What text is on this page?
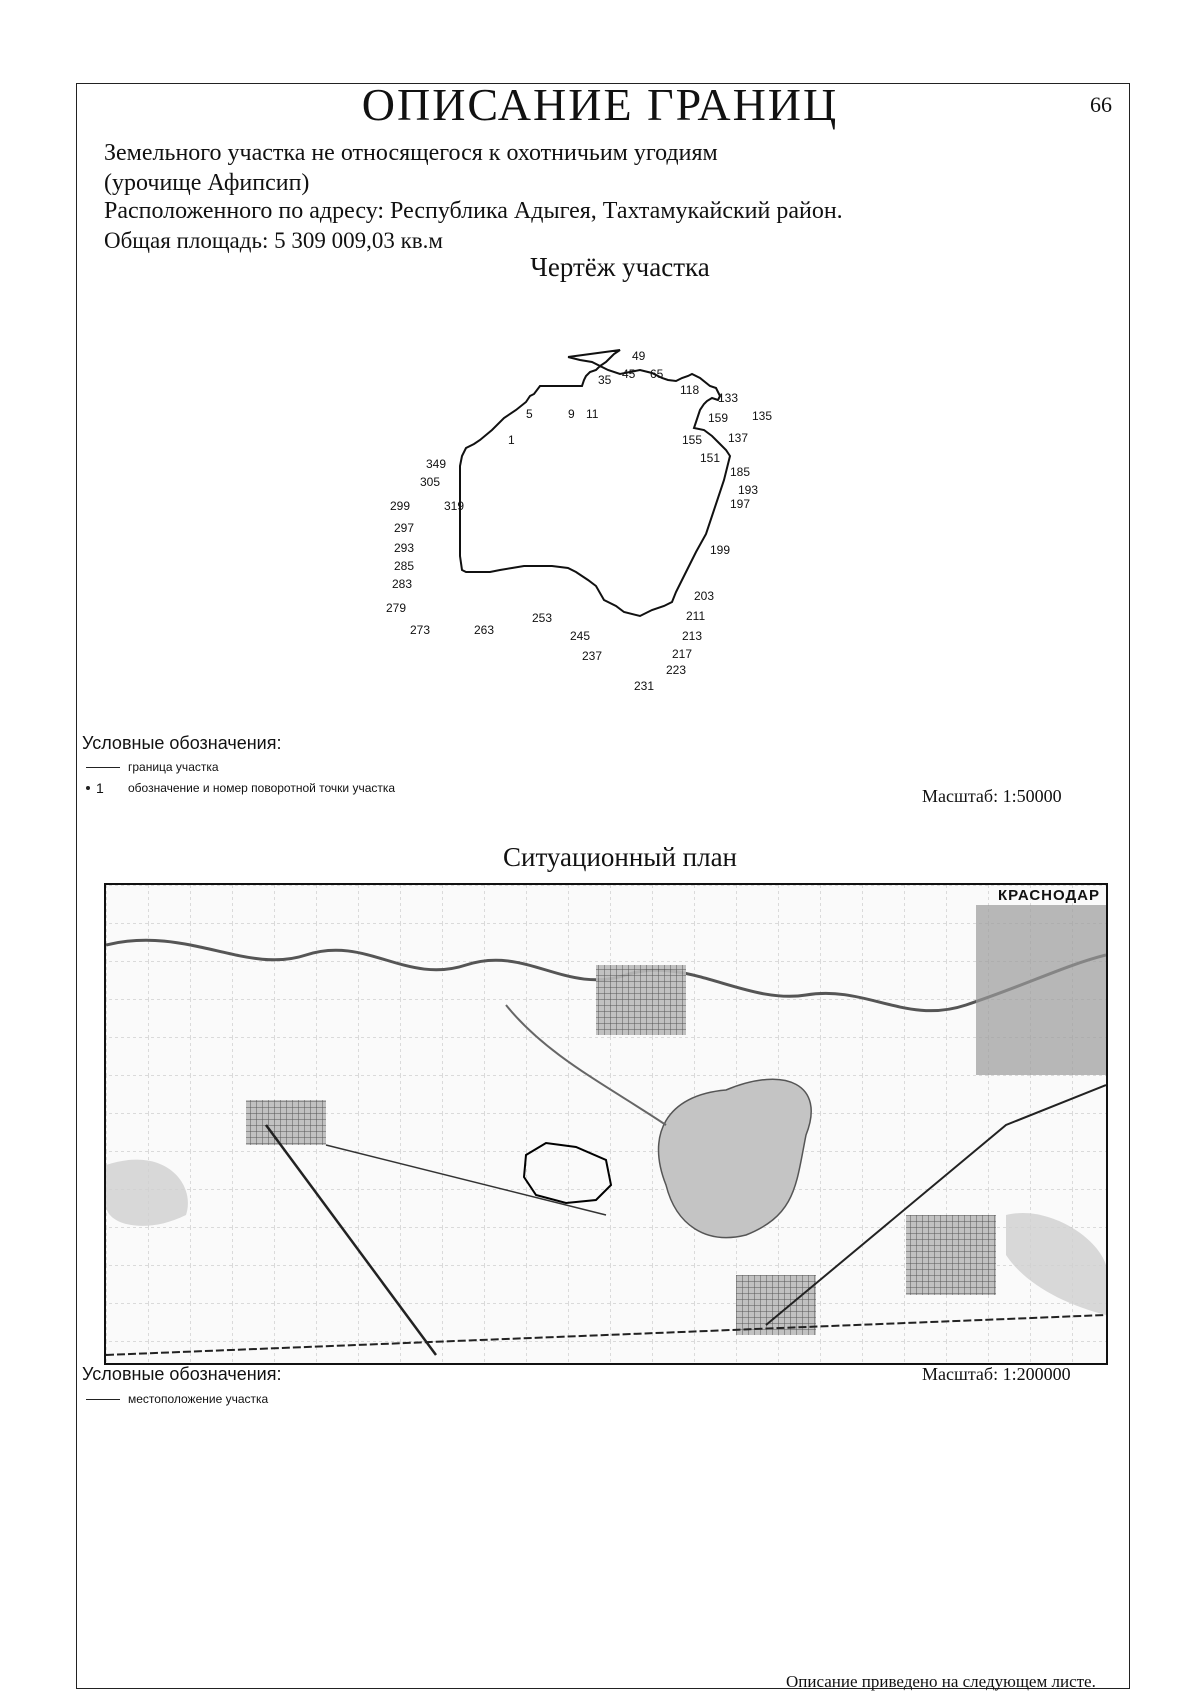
ОПИСАНИЕ ГРАНИЦ	66
Земельного участка не относящегося к охотничьим угодиям
(урочище Афипсип)
Расположенного по адресу: Республика Адыгея, Тахтамукайский район.
Общая площадь: 5 309 009,03 кв.м
Чертёж участка
49
35 45 65
5	9 11
118
133
1
159 135
155 137
349	151
305
185
299	319
193
197
297
293	199
285
283
203
279
211
253
273	263	213
245
237	217
223
231
Условные обозначения:
граница участка
1 обозначение и номер поворотной точки участка	Масштаб: 1:50000
Ситуационный план
КРАСНОДАР
Условные обозначения:
местоположение участка
Масштаб: 1:200000
Описание приведено на следующем листе.
